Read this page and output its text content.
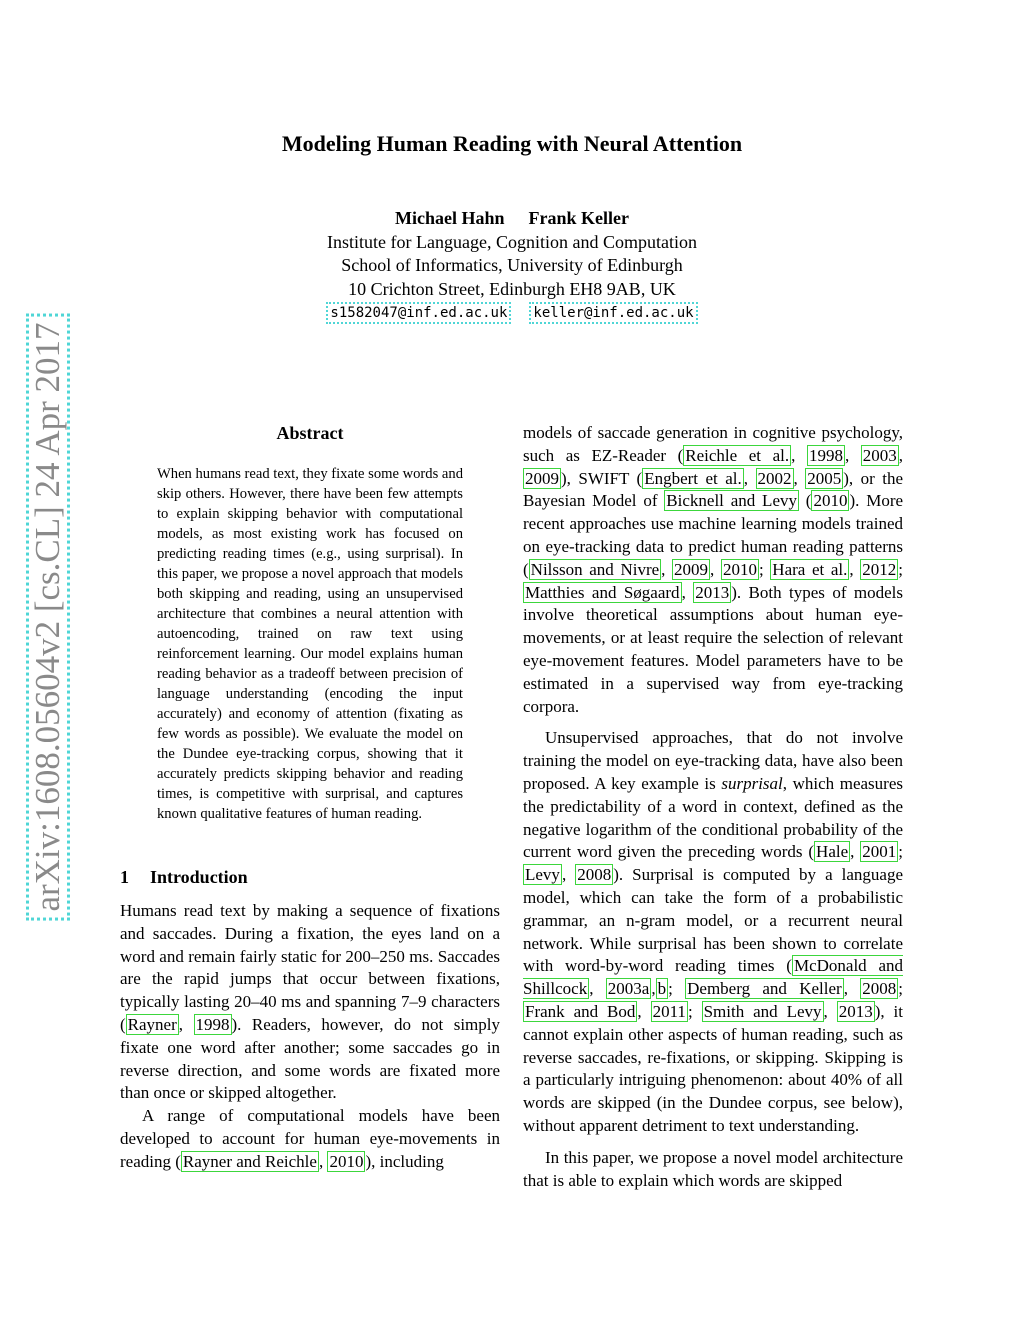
Modeling Human Reading with Neural Attention
Michael Hahn Frank Keller
Institute for Language, Cognition and Computation
School of Informatics, University of Edinburgh
10 Crichton Street, Edinburgh EH8 9AB, UK
s1582047@inf.ed.ac.uk keller@inf.ed.ac.uk
arXiv:1608.05604v2 [cs.CL] 24 Apr 2017	Abstract
When humans read text, they fixate some words and skip others. However, there have been few attempts to explain skipping behavior with computational models, as most existing work has focused on predicting reading times (e.g., using surprisal). In this paper, we propose a novel approach that models both skipping and reading, using an unsupervised architecture that combines a neural attention with autoencoding, trained on raw text using reinforcement learning. Our model explains human reading behavior as a tradeoff between precision of language understanding (encoding the input accurately) and economy of attention (fixating as few words as possible). We evaluate the model on the Dundee eye-tracking corpus, showing that it accurately predicts skipping behavior and reading times, is competitive with surprisal, and captures known qualitative features of human reading.
1 Introduction

Humans read text by making a sequence of fixations and saccades. During a fixation, the eyes land on a word and remain fairly static for 200–250 ms. Saccades are the rapid jumps that occur between fixations, typically lasting 20–40 ms and spanning 7–9 characters ( Rayner , 1998 ). Readers, however, do not simply fixate one word after another; some saccades go in reverse direction, and some words are fixated more than once or skipped altogether.

A range of computational models have been developed to account for human eye-movements in reading ( Rayner and Reichle , 2010 ), including

models of saccade generation in cognitive psychology, such as EZ-Reader ( Reichle et al. , 1998 , 2003 , 2009 ), SWIFT ( Engbert et al. , 2002 , 2005 ), or the Bayesian Model of Bicknell and Levy ( 2010 ). More recent approaches use machine learning models trained on eye-tracking data to predict human reading patterns ( Nilsson and Nivre , 2009 , 2010 ; Hara et al. , 2012 ; Matthies and Søgaard , 2013 ). Both types of models involve theoretical assumptions about human eye-movements, or at least require the selection of relevant eye-movement features. Model parameters have to be estimated in a supervised way from eye-tracking corpora.

Unsupervised approaches, that do not involve training the model on eye-tracking data, have also been proposed. A key example is surprisal, which measures the predictability of a word in context, defined as the negative logarithm of the conditional probability of the current word given the preceding words ( Hale , 2001 ; Levy , 2008 ). Surprisal is computed by a language model, which can take the form of a probabilistic grammar, an n-gram model, or a recurrent neural network. While surprisal has been shown to correlate with word-by-word reading times ( McDonald and Shillcock , 2003a , b ; Demberg and Keller , 2008 ; Frank and Bod , 2011 ; Smith and Levy , 2013 ), it cannot explain other aspects of human reading, such as reverse saccades, re-fixations, or skipping. Skipping is a particularly intriguing phenomenon: about 40% of all words are skipped (in the Dundee corpus, see below), without apparent detriment to text understanding.

In this paper, we propose a novel model architecture that is able to explain which words are skipped
